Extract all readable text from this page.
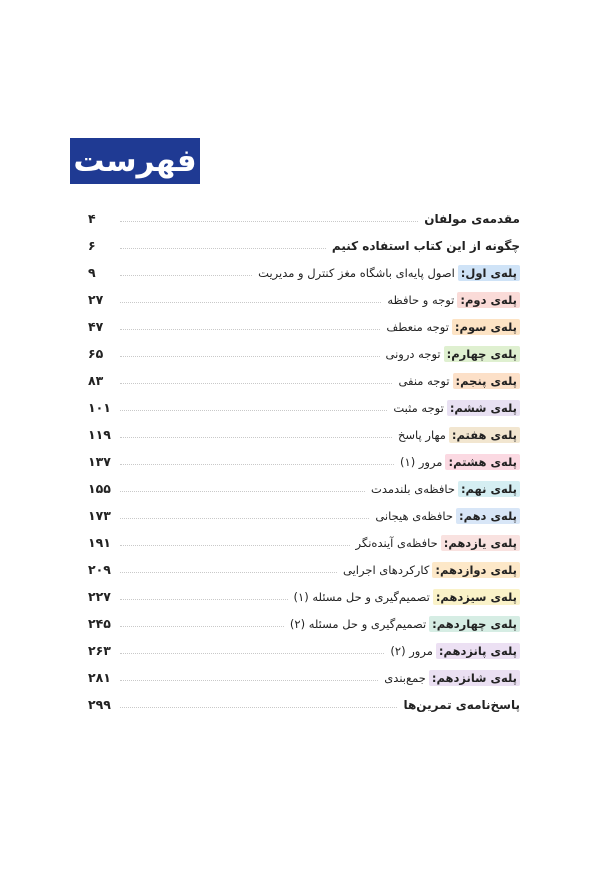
فهرست
مقدمه‌ی مولفان
۴
چگونه از این کتاب استفاده کنیم
۶
پله‌ی اول:
اصول پایه‌ای باشگاه مغز کنترل و مدیریت
۹
پله‌ی دوم:
توجه و حافظه
۲۷
پله‌ی سوم:
توجه منعطف
۴۷
پله‌ی چهارم:
توجه درونی
۶۵
پله‌ی پنجم:
توجه منفی
۸۳
پله‌ی ششم:
توجه مثبت
۱۰۱
پله‌ی هفتم:
مهار پاسخ
۱۱۹
پله‌ی هشتم:
مرور (۱)
۱۳۷
پله‌ی نهم:
حافظه‌ی بلندمدت
۱۵۵
پله‌ی دهم:
حافظه‌ی هیجانی
۱۷۳
پله‌ی یازدهم:
حافظه‌ی آینده‌نگر
۱۹۱
پله‌ی دوازدهم:
کارکردهای اجرایی
۲۰۹
پله‌ی سیزدهم:
تصمیم‌گیری و حل مسئله (۱)
۲۲۷
پله‌ی چهاردهم:
تصمیم‌گیری و حل مسئله (۲)
۲۴۵
پله‌ی پانزدهم:
مرور (۲)
۲۶۳
پله‌ی شانزدهم:
جمع‌بندی
۲۸۱
پاسخ‌نامه‌ی تمرین‌ها
۲۹۹
